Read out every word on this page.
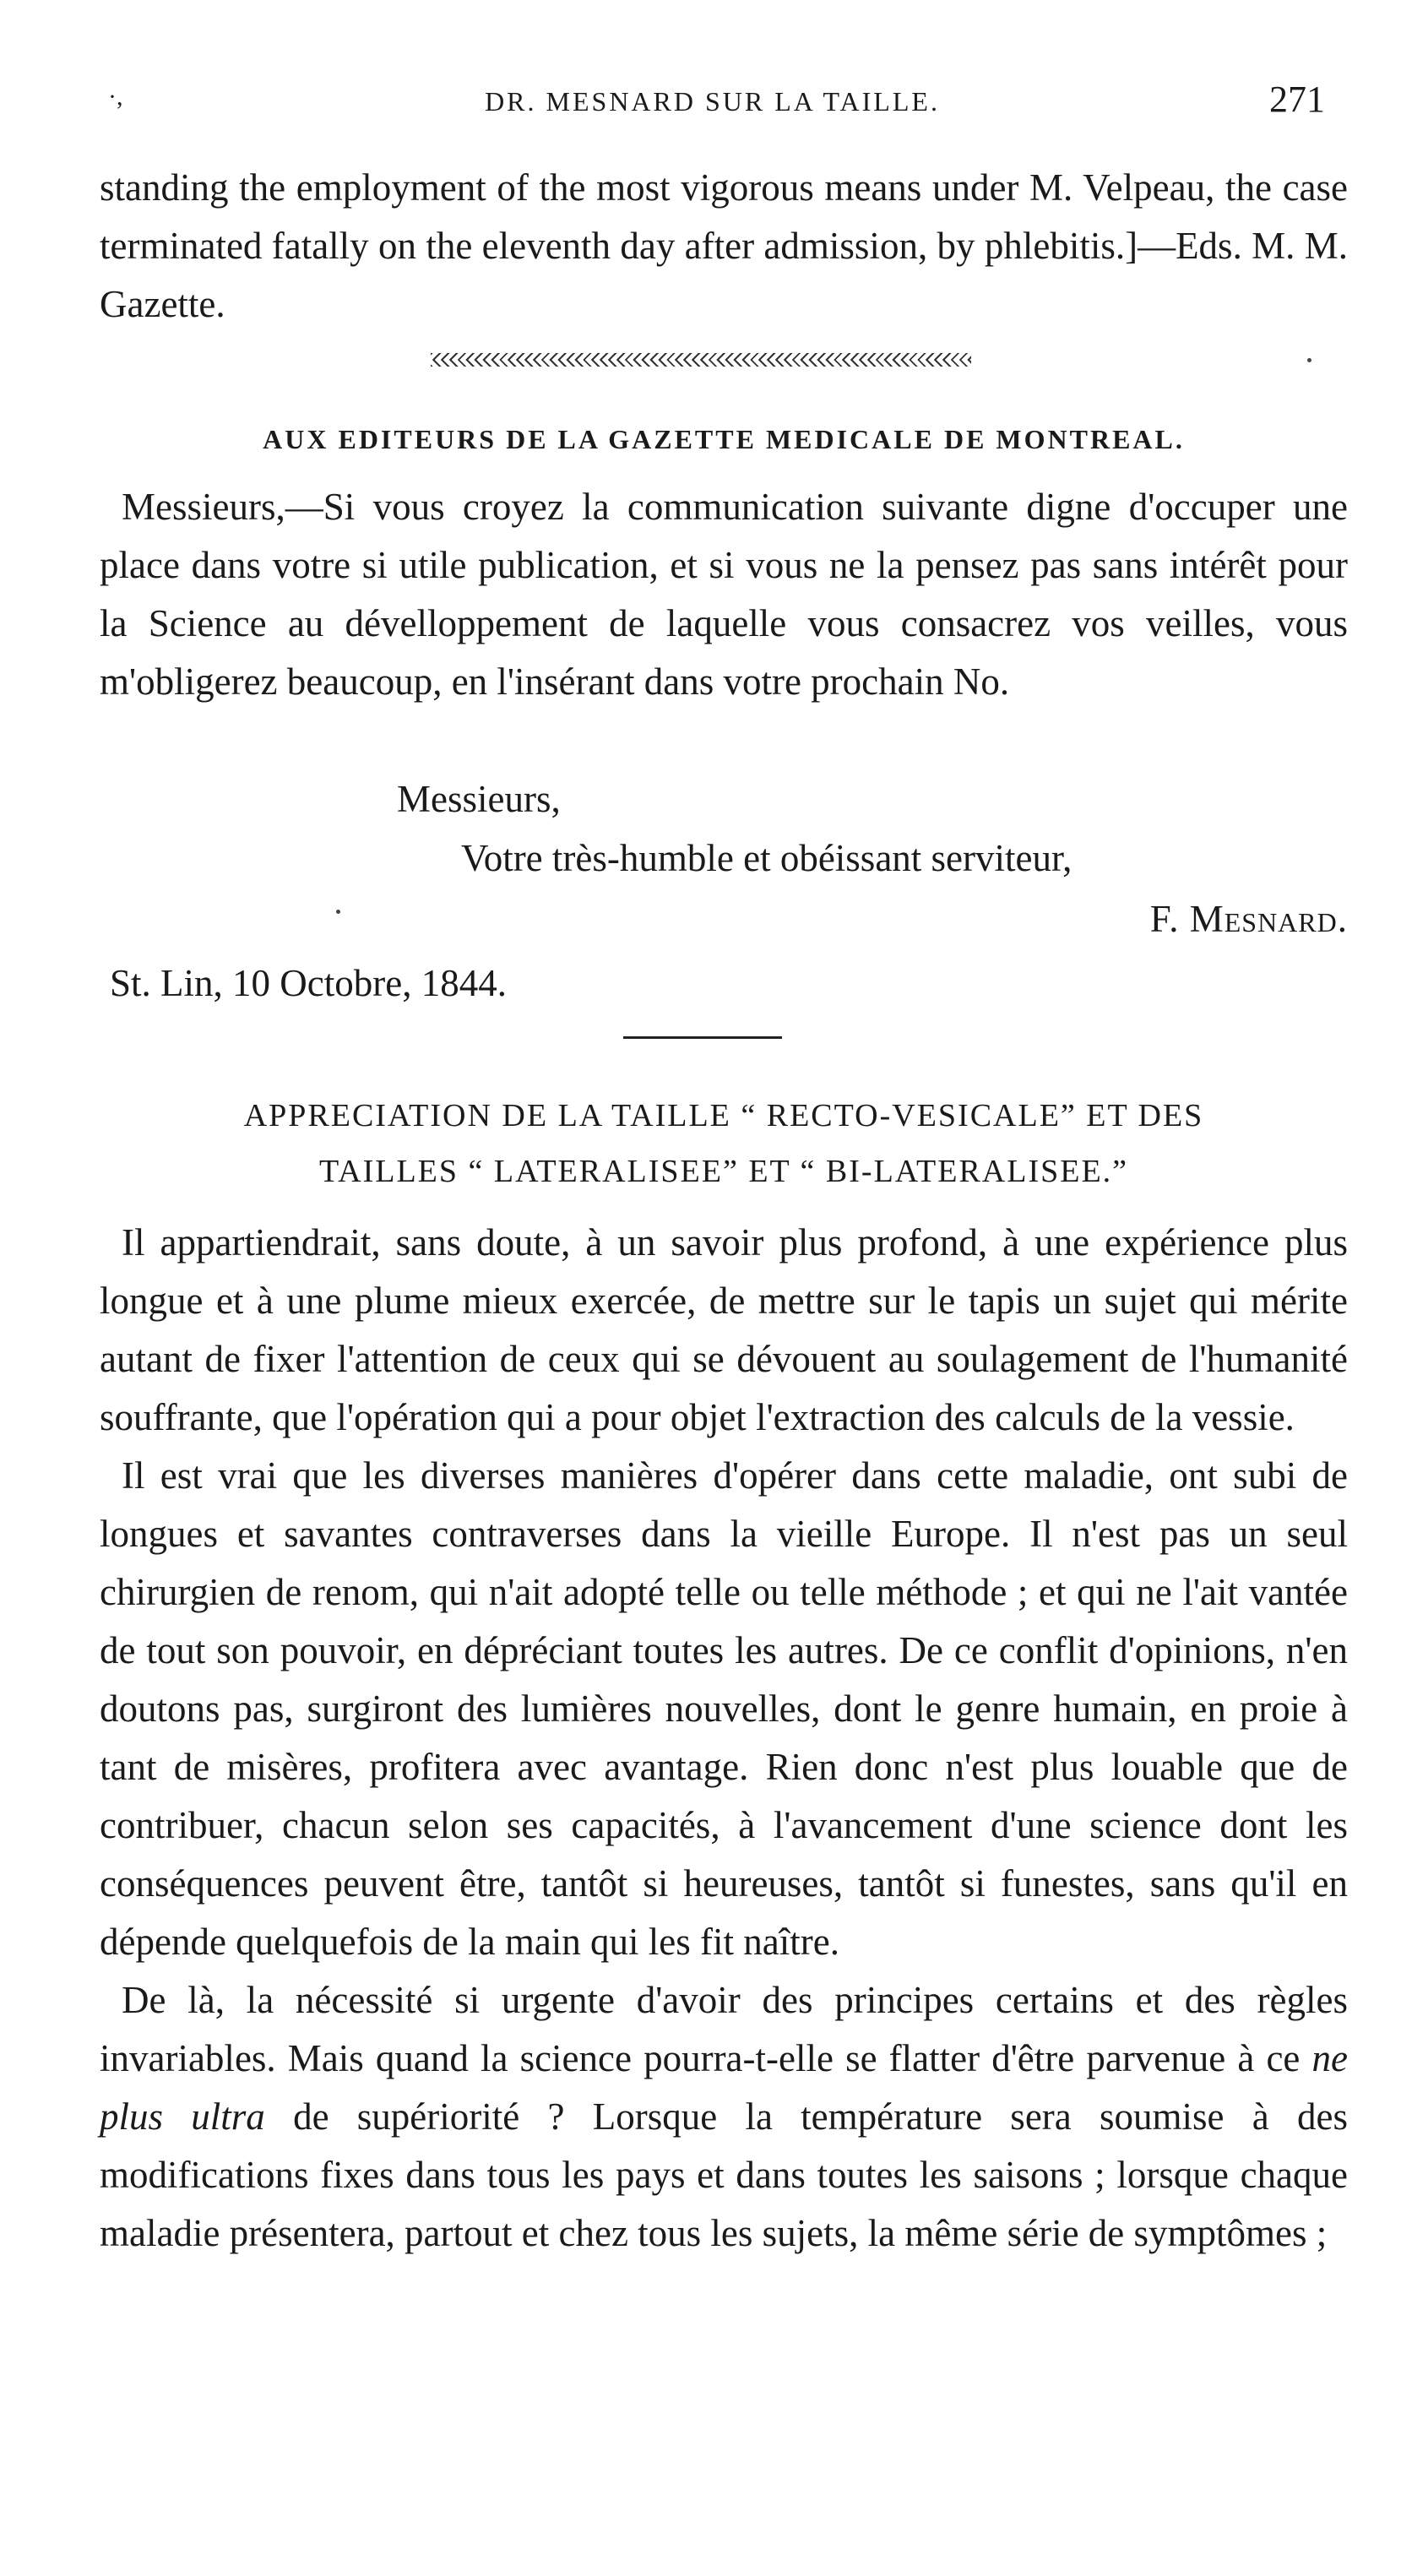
·,	DR. MESNARD SUR LA TAILLE.	271

standing the employment of the most vigorous means under M. Velpeau, the case terminated fatally on the eleventh day after admission, by phlebitis.]—Eds. M. M. Gazette.

AUX EDITEURS DE LA GAZETTE MEDICALE DE MONTREAL.

Messieurs,—Si vous croyez la communication suivante digne d'occuper une place dans votre si utile publication, et si vous ne la pensez pas sans intérêt pour la Science au dévelloppement de laquelle vous consacrez vos veilles, vous m'obligerez beaucoup, en l'insérant dans votre prochain No.

Messieurs,
Votre très-humble et obéissant serviteur,
F. Mesnard.
St. Lin, 10 Octobre, 1844.
APPRECIATION DE LA TAILLE “ RECTO-VESICALE” ET DES
TAILLES “ LATERALISEE” ET “ BI-LATERALISEE.”

Il appartiendrait, sans doute, à un savoir plus profond, à une expérience plus longue et à une plume mieux exercée, de mettre sur le tapis un sujet qui mérite autant de fixer l'attention de ceux qui se dévouent au soulagement de l'humanité souffrante, que l'opération qui a pour objet l'extraction des calculs de la vessie.

Il est vrai que les diverses manières d'opérer dans cette maladie, ont subi de longues et savantes contraverses dans la vieille Europe. Il n'est pas un seul chirurgien de renom, qui n'ait adopté telle ou telle méthode ; et qui ne l'ait vantée de tout son pouvoir, en dépréciant toutes les autres. De ce conflit d'opinions, n'en doutons pas, surgiront des lumières nouvelles, dont le genre humain, en proie à tant de misères, profitera avec avantage. Rien donc n'est plus louable que de contribuer, chacun selon ses capacités, à l'avancement d'une science dont les conséquences peuvent être, tantôt si heureuses, tantôt si funestes, sans qu'il en dépende quelquefois de la main qui les fit naître.

De là, la nécessité si urgente d'avoir des principes certains et des règles invariables. Mais quand la science pourra-t-elle se flatter d'être parvenue à ce ne plus ultra de supériorité ? Lorsque la température sera soumise à des modifications fixes dans tous les pays et dans toutes les saisons ; lorsque chaque maladie présentera, partout et chez tous les sujets, la même série de symptômes ;
